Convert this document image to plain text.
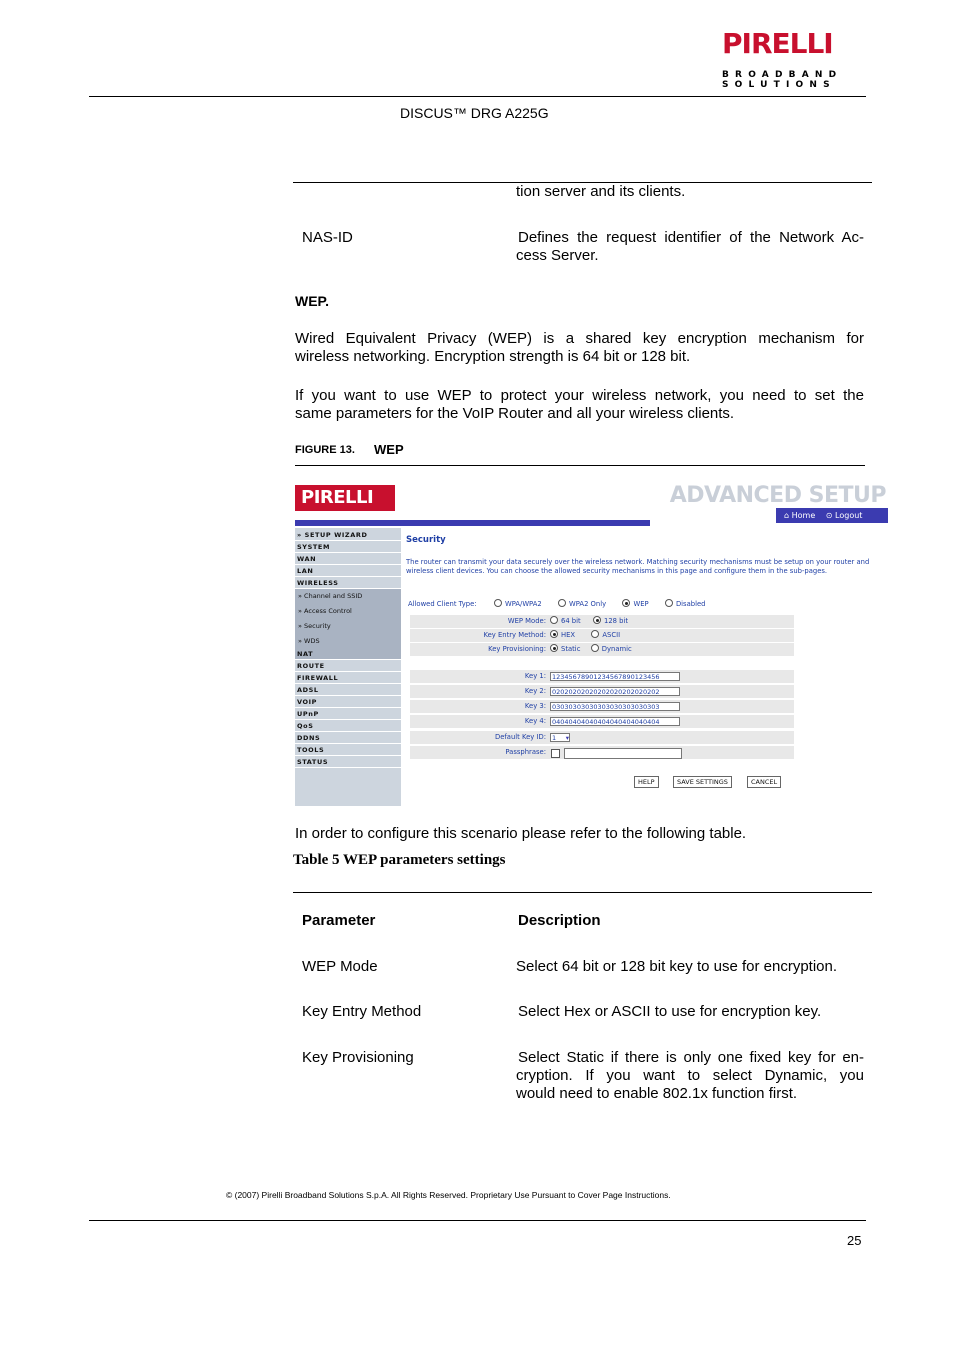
PIRELLI
BROADBAND
SOLUTIONS
DISCUS™ DRG A225G
tion server and its clients.
NAS-ID	Defines the request identifier of the Network Ac-
cess Server.
WEP.
Wired Equivalent Privacy (WEP) is a shared key encryption mechanism for
wireless networking. Encryption strength is 64 bit or 128 bit.
If you want to use WEP to protect your wireless network, you need to set the
same parameters for the VoIP Router and all your wireless clients.
FIGURE 13. WEP
PIRELLI	ADVANCED SETUP
⌂ Home ⊙ Logout
» SETUP WIZARD
SYSTEM
WAN
LAN
WIRELESS
» Channel and SSID
» Access Control
» Security
» WDS
NAT
ROUTE
FIREWALL
ADSL
VOIP
UPnP
QoS
DDNS
TOOLS
STATUS
Security
The router can transmit your data securely over the wireless network. Matching security mechanisms must be setup on your router and wireless client devices. You can choose the allowed security mechanisms in this page and configure them in the sub-pages.
Allowed Client Type:	WPA/WPA2	WPA2 Only	WEP	Disabled
WEP Mode:	64 bit	128 bit
Key Entry Method:	HEX	ASCII
Key Provisioning:	Static	Dynamic
Key 1: 12345678901234567890123456
Key 2: 02020202020202020202020202
Key 3: 03030303030303030303030303
Key 4: 04040404040404040404040404
Default Key ID: 1 ▾
Passphrase:
HELP	SAVE SETTINGS	CANCEL
In order to configure this scenario please refer to the following table.
Table 5 WEP parameters settings
Parameter	Description
WEP Mode	Select 64 bit or 128 bit key to use for encryption.
Key Entry Method	Select Hex or ASCII to use for encryption key.
Key Provisioning	Select Static if there is only one fixed key for en-
cryption. If you want to select Dynamic, you
would need to enable 802.1x function first.
© (2007) Pirelli Broadband Solutions S.p.A. All Rights Reserved. Proprietary Use Pursuant to Cover Page Instructions.
25
